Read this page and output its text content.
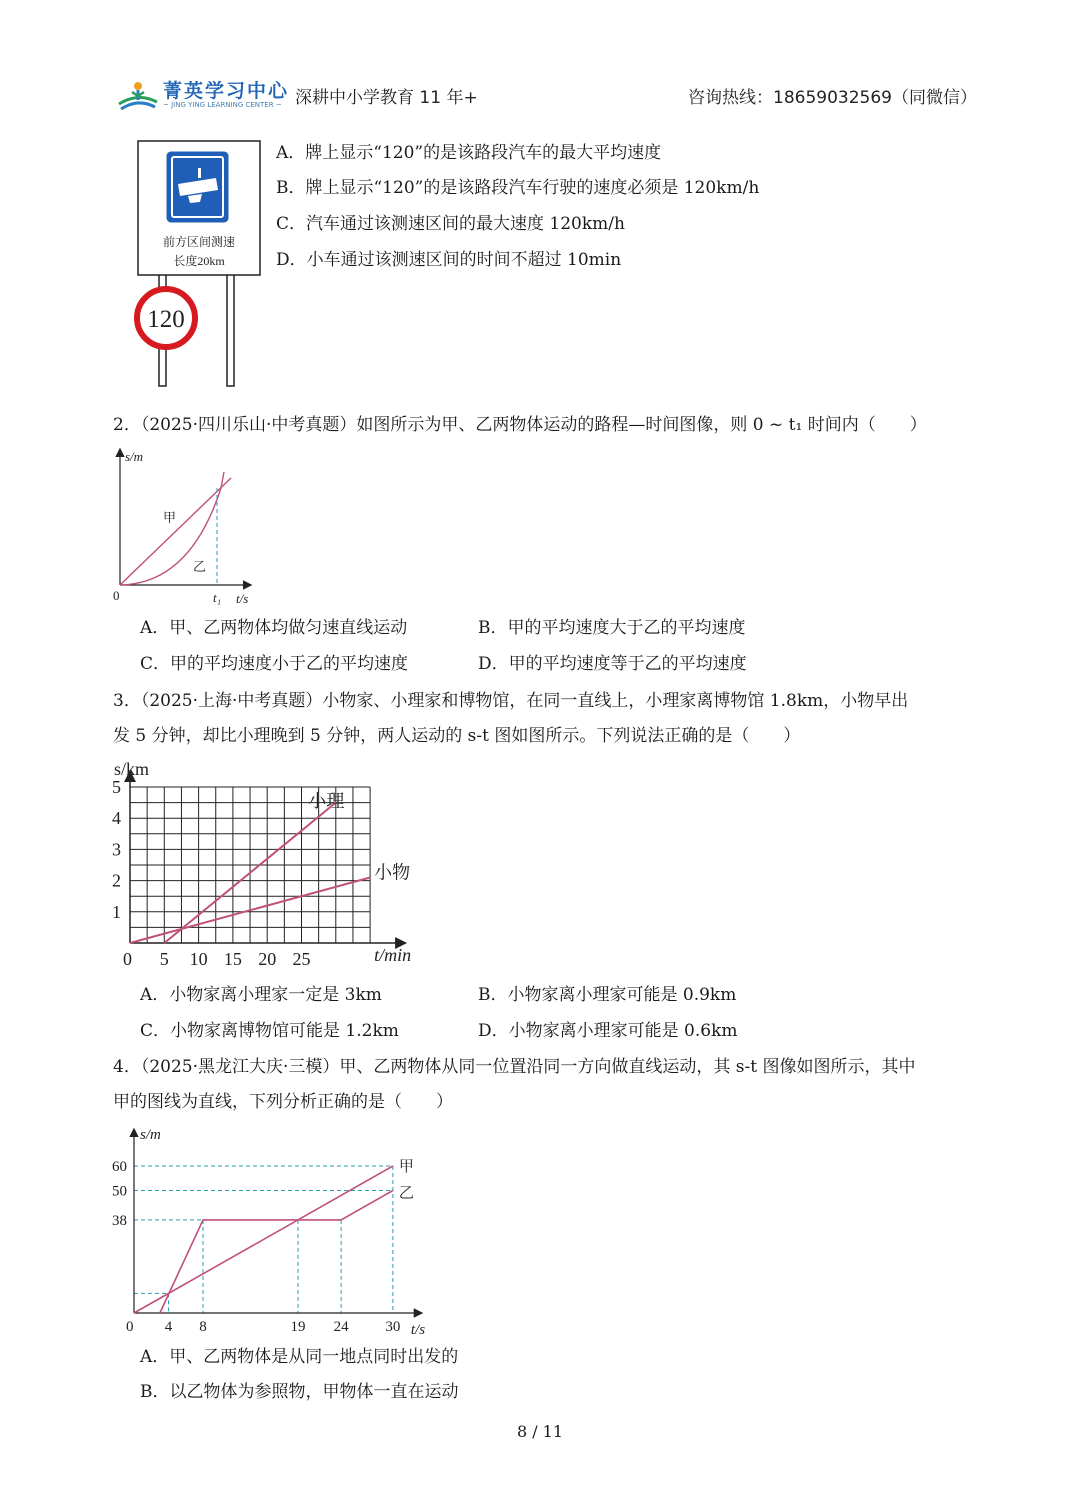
菁英学习中心
~ JING YING LEARNING CENTER ~ 深耕中小学教育 11 年+	咨询热线：18659032569（同微信）
前方区间测速
长度20km
120
A．牌上显示“120”的是该路段汽车的最大平均速度
B．牌上显示“120”的是该路段汽车行驶的速度必须是 120km/h
C．汽车通过该测速区间的最大速度 120km/h
D．小车通过该测速区间的时间不超过 10min
2．（2025·四川乐山·中考真题）如图所示为甲、乙两物体运动的路程—时间图像，则 0 ~ t₁ 时间内（　　）
s/m
t/s
0	t₁
甲
乙
A．甲、乙两物体均做匀速直线运动	B．甲的平均速度大于乙的平均速度
C．甲的平均速度小于乙的平均速度	D．甲的平均速度等于乙的平均速度
3．（2025·上海·中考真题）小物家、小理家和博物馆，在同一直线上，小理家离博物馆 1.8km，小物早出
发 5 分钟，却比小理晚到 5 分钟，两人运动的 s-t 图如图所示。下列说法正确的是（　　）
小理
小物
1
2
3
4
5
0 5 10 15 20 25
s/km
t/min
A．小物家离小理家一定是 3km	B．小物家离小理家可能是 0.9km
C．小物家离博物馆可能是 1.2km	D．小物家离小理家可能是 0.6km
4．（2025·黑龙江大庆·三模）甲、乙两物体从同一位置沿同一方向做直线运动，其 s-t 图像如图所示，其中
甲的图线为直线，下列分析正确的是（　　）
甲
乙
38
50
60
0 4 8	19 24 30
s/m
t/s
A．甲、乙两物体是从同一地点同时出发的
B．以乙物体为参照物，甲物体一直在运动
8 / 11
